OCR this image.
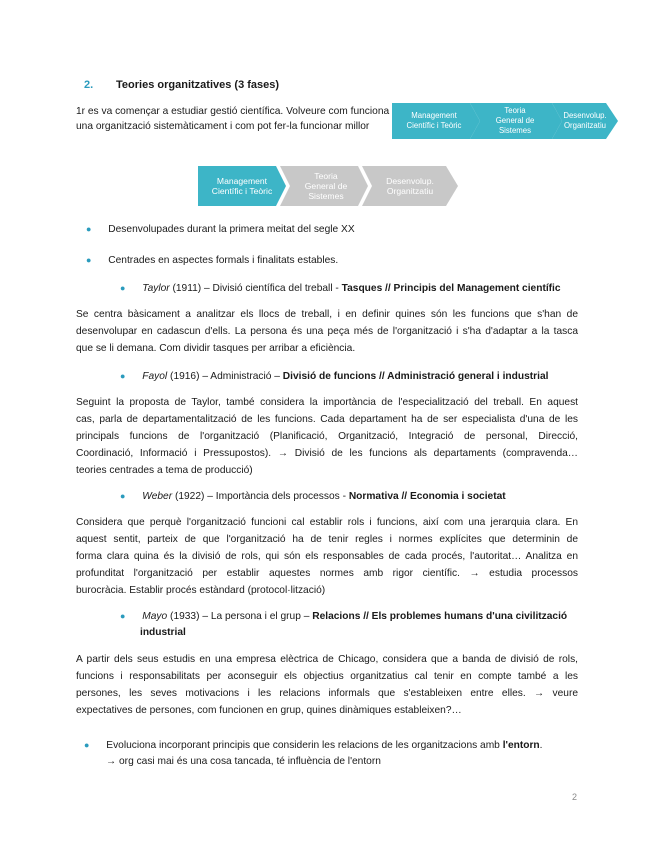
2. Teories organitzatives (3 fases)
1r es va començar a estudiar gestió científica. Volveure com funciona
una organització sistemàticament i com pot fer-la funcionar millor
Management
Científic i Teòric
Teoria
General de
Sistemes
Desenvolup.
Organitzatiu
Management
Científic i Teòric
Teoria
General de
Sistemes
Desenvolup.
Organitzatiu
● Desenvolupades durant la primera meitat del segle XX
● Centrades en aspectes formals i finalitats estables.
● Taylor (1911) – Divisió científica del treball - Tasques // Principis del Management científic
Se centra bàsicament a analitzar els llocs de treball, i en definir quines són les funcions que s'han de
desenvolupar en cadascun d'ells. La persona és una peça més de l'organització i s'ha d'adaptar a la tasca
que se li demana. Com dividir tasques per arribar a eficiència.
● Fayol (1916) – Administració – Divisió de funcions // Administració general i industrial
Seguint la proposta de Taylor, també considera la importància de l'especialització del treball. En aquest
cas, parla de departamentalització de les funcions. Cada departament ha de ser especialista d'una de les
principals funcions de l'organització (Planificació, Organització, Integració de personal, Direcció,
Coordinació, Informació i Pressupostos). → Divisió de les funcions als departaments (compravenda…
teories centrades a tema de producció)
● Weber (1922) – Importància dels processos - Normativa // Economia i societat
Considera que perquè l'organització funcioni cal establir rols i funcions, així com una jerarquia clara. En
aquest sentit, parteix de que l'organització ha de tenir regles i normes explícites que determinin de
forma clara quina és la divisió de rols, qui són els responsables de cada procés, l'autoritat… Analitza en
profunditat l'organització per establir aquestes normes amb rigor científic. → estudia processos
burocràcia. Establir procés estàndard (protocol·lització)
● Mayo (1933) – La persona i el grup – Relacions // Els problemes humans d'una civilització
industrial
A partir dels seus estudis en una empresa elèctrica de Chicago, considera que a banda de divisió de rols,
funcions i responsabilitats per aconseguir els objectius organitzatius cal tenir en compte també a les
persones, les seves motivacions i les relacions informals que s'estableixen entre elles. → veure
expectatives de persones, com funcionen en grup, quines dinàmiques estableixen?…
● Evoluciona incorporant principis que considerin les relacions de les organitzacions amb l'entorn.
→ org casi mai és una cosa tancada, té influència de l'entorn
2
